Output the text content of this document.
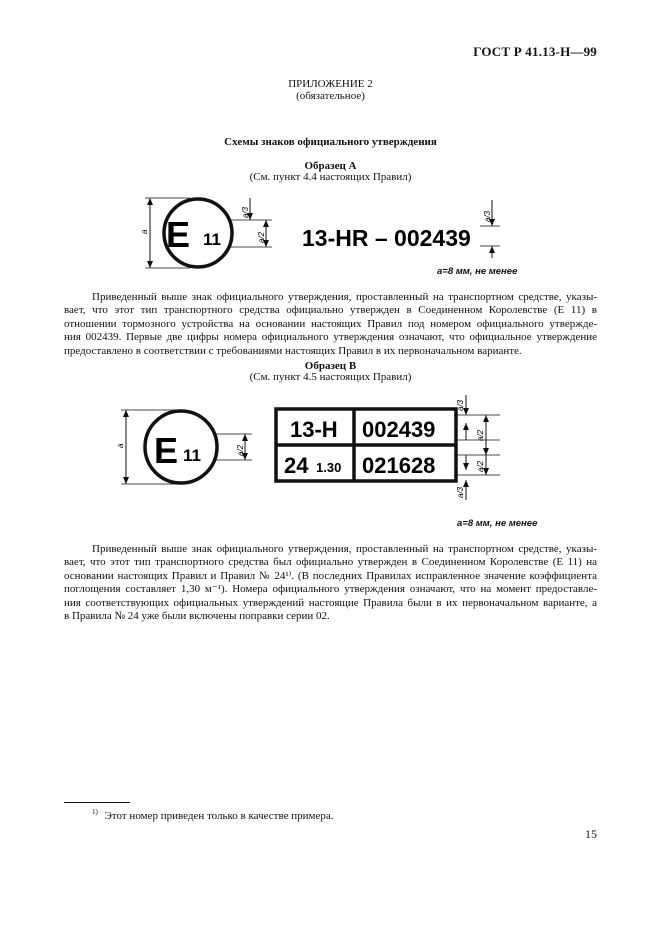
ГОСТ Р 41.13-Н—99
ПРИЛОЖЕНИЕ 2
(обязательное)
Схемы знаков официального утверждения
Образец А
(См. пункт 4.4 настоящих Правил)
a E 11
a/3
a/2 13-HR – 002439
a/3
a=8 мм, не менее
Приведенный выше знак официального утверждения, проставленный на транспортном средстве, указы-
вает, что этот тип транспортного средства официально утвержден в Соединенном Королевстве (Е 11) в
отношении тормозного устройства на основании настоящих Правил под номером официального утвержде-
ния 002439. Первые две цифры номера официального утверждения означают, что официальное утверждение
предоставлено в соответствии с требованиями настоящих Правил в их первоначальном варианте.
Образец В
(См. пункт 4.5 настоящих Правил)
a E 11	a/2
13-H 002439
24 1.30 021628
a/3
a/2
a/2
a/3
a=8 мм, не менее
Приведенный выше знак официального утверждения, проставленный на транспортном средстве, указы-
вает, что этот тип транспортного средства был официально утвержден в Соединенном Королевстве (Е 11) на
основании настоящих Правил и Правил № 24¹⁾. (В последних Правилах исправленное значение коэффициента
поглощения составляет 1,30 м⁻¹). Номера официального утверждения означают, что на момент предоставле-
ния соответствующих официальных утверждений настоящие Правила были в их первоначальном варианте, а
в Правила № 24 уже были включены поправки серии 02.
$^{1)}$ Этот номер приведен только в качестве примера.
15
